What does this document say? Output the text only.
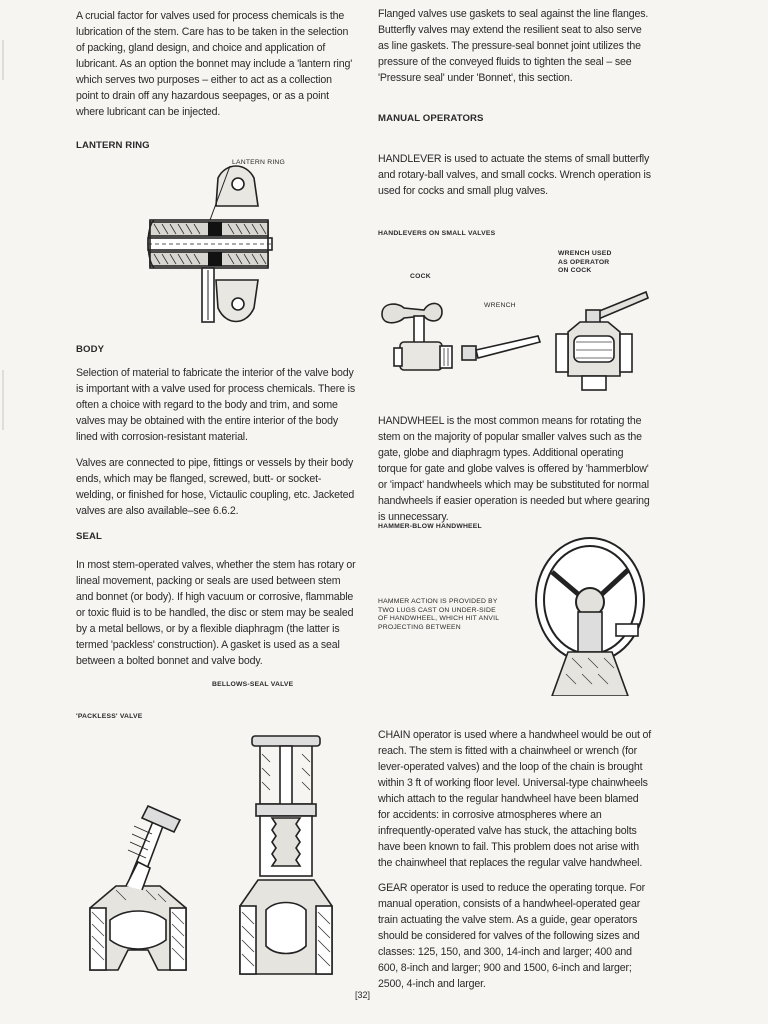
A crucial factor for valves used for process chemicals is the lubrication of the stem. Care has to be taken in the selection of packing, gland design, and choice and application of lubricant. As an option the bonnet may include a 'lantern ring' which serves two purposes – either to act as a collection point to drain off any hazardous seepages, or as a point where lubricant can be injected.

LANTERN RING
LANTERN RING
BODY

Selection of material to fabricate the interior of the valve body is important with a valve used for process chemicals. There is often a choice with regard to the body and trim, and some valves may be obtained with the entire interior of the body lined with corrosion-resistant material.

Valves are connected to pipe, fittings or vessels by their body ends, which may be flanged, screwed, butt- or socket-welding, or finished for hose, Victaulic coupling, etc. Jacketed valves are also available–see 6.6.2.

SEAL

In most stem-operated valves, whether the stem has rotary or lineal movement, packing or seals are used between stem and bonnet (or body). If high vacuum or corrosive, flammable or toxic fluid is to be handled, the disc or stem may be sealed by a metal bellows, or by a flexible diaphragm (the latter is termed 'packless' construction). A gasket is used as a seal between a bolted bonnet and valve body.

BELLOWS-SEAL VALVE
'PACKLESS' VALVE

Flanged valves use gaskets to seal against the line flanges. Butterfly valves may extend the resilient seat to also serve as line gaskets. The pressure-seal bonnet joint utilizes the pressure of the conveyed fluids to tighten the seal – see 'Pressure seal' under 'Bonnet', this section.

MANUAL OPERATORS

HANDLEVER is used to actuate the stems of small butterfly and rotary-ball valves, and small cocks. Wrench operation is used for cocks and small plug valves.

HANDLEVERS ON SMALL VALVES
COCK
WRENCH
WRENCH USED AS OPERATOR ON COCK

HANDWHEEL is the most common means for rotating the stem on the majority of popular smaller valves such as the gate, globe and diaphragm types. Additional operating torque for gate and globe valves is offered by 'hammerblow' or 'impact' handwheels which may be substituted for normal handwheels if easier operation is needed but where gearing is unnecessary.

HAMMER-BLOW HANDWHEEL
HAMMER ACTION IS PROVIDED BY TWO LUGS CAST ON UNDER-SIDE OF HANDWHEEL, WHICH HIT ANVIL PROJECTING BETWEEN

CHAIN operator is used where a handwheel would be out of reach. The stem is fitted with a chainwheel or wrench (for lever-operated valves) and the loop of the chain is brought within 3 ft of working floor level. Universal-type chainwheels which attach to the regular handwheel have been blamed for accidents: in corrosive atmospheres where an infrequently-operated valve has stuck, the attaching bolts have been known to fail. This problem does not arise with the chainwheel that replaces the regular valve handwheel.

GEAR operator is used to reduce the operating torque. For manual operation, consists of a handwheel-operated gear train actuating the valve stem. As a guide, gear operators should be considered for valves of the following sizes and classes: 125, 150, and 300, 14-inch and larger; 400 and 600, 8-inch and larger; 900 and 1500, 6-inch and larger; 2500, 4-inch and larger.

[32]
